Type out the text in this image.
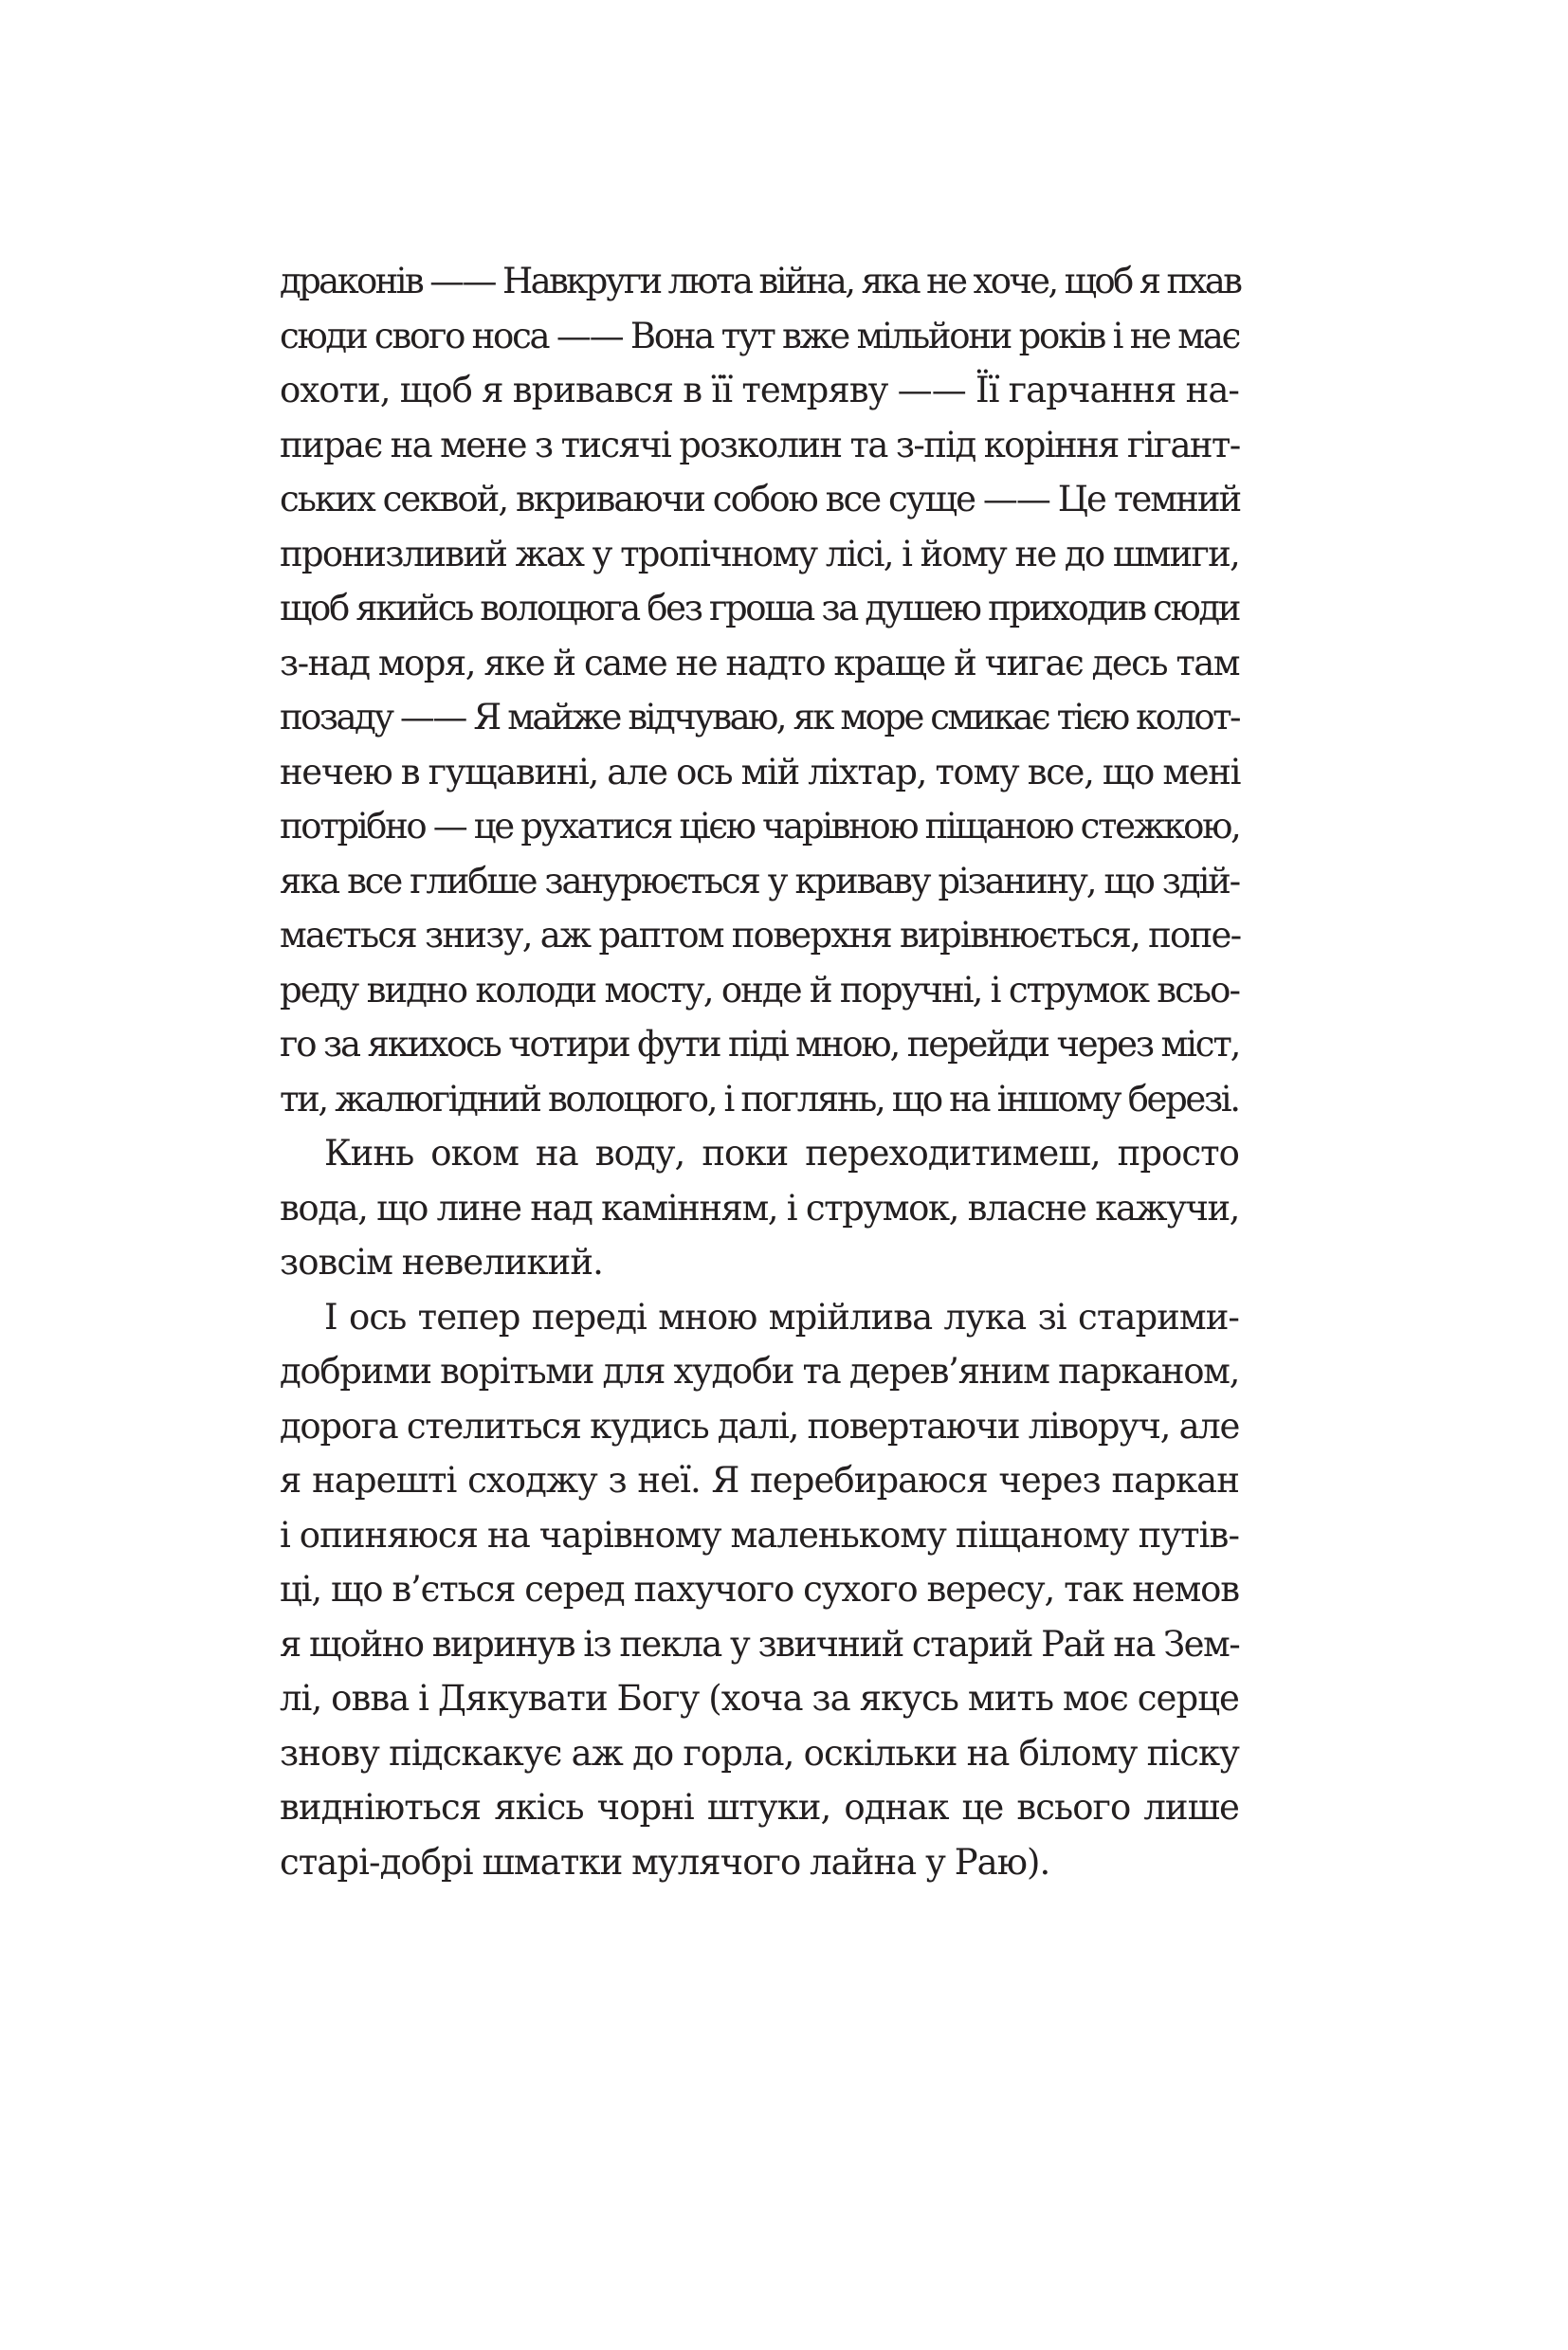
драконів —— Навкруги люта війна, яка не хоче, щоб я пхав
сюди свого носа —— Вона тут вже мільйони років і не має
охоти, щоб я вривався в її темряву —— Її гарчання на-
пирає на мене з тисячі розколин та з-під коріння гігант-
ських секвой, вкриваючи собою все суще —— Це темний
пронизливий жах у тропічному лісі, і йому не до шмиги,
щоб якийсь волоцюга без гроша за душею приходив сюди
з-над моря, яке й саме не надто краще й чигає десь там
позаду —— Я майже відчуваю, як море смикає тією колот-
нечею в гущавині, але ось мій ліхтар, тому все, що мені
потрібно — це рухатися цією чарівною піщаною стежкою,
яка все глибше занурюється у криваву різанину, що здій-
мається знизу, аж раптом поверхня вирівнюється, попе-
реду видно колоди мосту, онде й поручні, і струмок всьо-
го за якихось чотири фути піді мною, перейди через міст,
ти, жалюгідний волоцюго, і поглянь, що на іншому березі.

Кинь оком на воду, поки переходитимеш, просто
вода, що лине над камінням, і струмок, власне кажучи,
зовсім невеликий.

І ось тепер переді мною мрійлива лука зі старими-
добрими ворітьми для худоби та дерев’яним парканом,
дорога стелиться кудись далі, повертаючи ліворуч, але
я нарешті сходжу з неї. Я перебираюся через паркан
і опиняюся на чарівному маленькому піщаному путів-
ці, що в’ється серед пахучого сухого вересу, так немов
я щойно виринув із пекла у звичний старий Рай на Зем-
лі, овва і Дякувати Богу (хоча за якусь мить моє серце
знову підскакує аж до горла, оскільки на білому піску
видніються якісь чорні штуки, однак це всього лише
старі-добрі шматки мулячого лайна у Раю).
